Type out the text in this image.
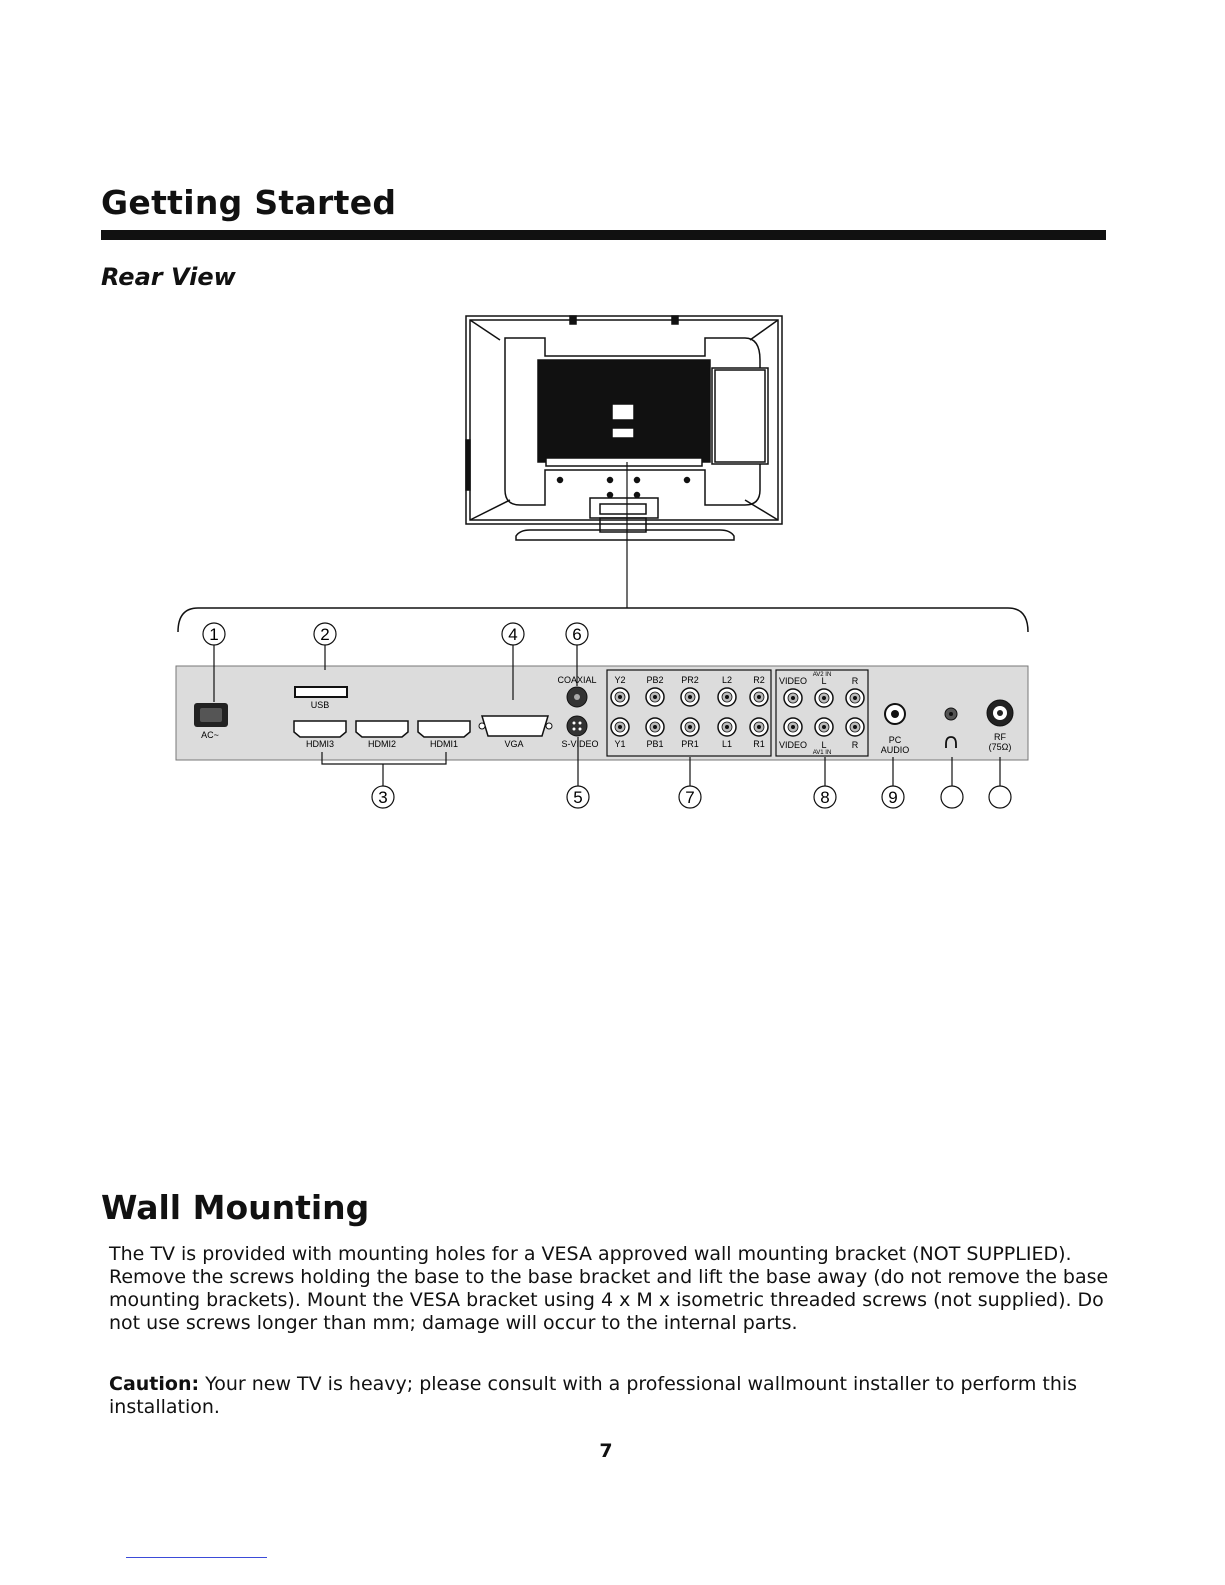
Getting Started
Rear View
AC~
USB
HDMI3	HDMI2	HDMI1	VGA
COAXIAL
S-VIDEO
Y2 PB2 PR2	L2 R2
Y1 PB1 PR1	L1 R1
AV2 IN
AV1 IN
VIDEO L	R
VIDEO L	R	PC
AUDIO
RF
(75Ω)
1	2	4	6
3	5	7	8	9
Wall Mounting

The TV is provided with mounting holes for a VESA approved wall mounting bracket (NOT SUPPLIED). Remove the screws holding the base to the base bracket and lift the base away (do not remove the base mounting brackets). Mount the VESA bracket using 4 x M x isometric threaded screws (not supplied). Do not use screws longer than mm; damage will occur to the internal parts.

Caution: Your new TV is heavy; please consult with a professional wallmount installer to perform this installation.

7
